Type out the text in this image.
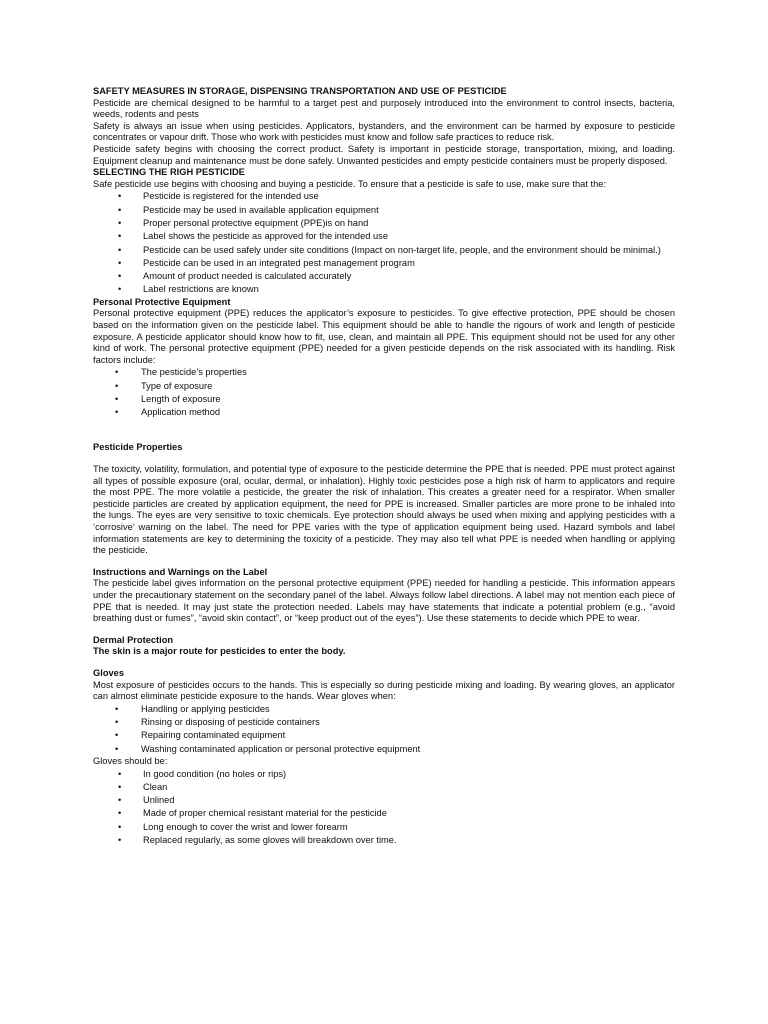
SAFETY MEASURES IN STORAGE, DISPENSING TRANSPORTATION AND USE OF PESTICIDE

Pesticide are chemical designed to be harmful to a target pest and purposely introduced into the environment to control insects, bacteria, weeds, rodents and pests

Safety is always an issue when using pesticides. Applicators, bystanders, and the environment can be harmed by exposure to pesticide concentrates or vapour drift. Those who work with pesticides must know and follow safe practices to reduce risk.

Pesticide safety begins with choosing the correct product. Safety is important in pesticide storage, transportation, mixing, and loading. Equipment cleanup and maintenance must be done safely. Unwanted pesticides and empty pesticide containers must be properly disposed.

SELECTING THE RIGH PESTICIDE

Safe pesticide use begins with choosing and buying a pesticide. To ensure that a pesticide is safe to use, make sure that the:

• Pesticide is registered for the intended use
• Pesticide may be used in available application equipment
• Proper personal protective equipment (PPE)is on hand
• Label shows the pesticide as approved for the intended use
• Pesticide can be used safely under site conditions (Impact on non-target life, people, and the environment should be minimal.)
• Pesticide can be used in an integrated pest management program
• Amount of product needed is calculated accurately
• Label restrictions are known
Personal Protective Equipment

Personal protective equipment (PPE) reduces the applicator’s exposure to pesticides. To give effective protection, PPE should be chosen based on the information given on the pesticide label. This equipment should be able to handle the rigours of work and length of pesticide exposure. A pesticide applicator should know how to fit, use, clean, and maintain all PPE. This equipment should not be used for any other kind of work. The personal protective equipment (PPE) needed for a given pesticide depends on the risk associated with its handling. Risk factors include:

• The pesticide’s properties
• Type of exposure
• Length of exposure
• Application method
Pesticide Properties

The toxicity, volatility, formulation, and potential type of exposure to the pesticide determine the PPE that is needed. PPE must protect against all types of possible exposure (oral, ocular, dermal, or inhalation). Highly toxic pesticides pose a high risk of harm to applicators and require the most PPE. The more volatile a pesticide, the greater the risk of inhalation. This creates a greater need for a respirator. When smaller pesticide particles are created by application equipment, the need for PPE is increased. Smaller particles are more prone to be inhaled into the lungs. The eyes are very sensitive to toxic chemicals. Eye protection should always be used when mixing and applying pesticides with a ‘corrosive’ warning on the label. The need for PPE varies with the type of application equipment being used. Hazard symbols and label information statements are key to determining the toxicity of a pesticide. They may also tell what PPE is needed when handling or applying the pesticide.

Instructions and Warnings on the Label

The pesticide label gives information on the personal protective equipment (PPE) needed for handling a pesticide. This information appears under the precautionary statement on the secondary panel of the label. Always follow label directions. A label may not mention each piece of PPE that is needed. It may just state the protection needed. Labels may have statements that indicate a potential problem (e.g., “avoid breathing dust or fumes”, “avoid skin contact”, or “keep product out of the eyes”). Use these statements to decide which PPE to wear.

Dermal Protection

The skin is a major route for pesticides to enter the body.

Gloves

Most exposure of pesticides occurs to the hands. This is especially so during pesticide mixing and loading. By wearing gloves, an applicator can almost eliminate pesticide exposure to the hands. Wear gloves when:

• Handling or applying pesticides
• Rinsing or disposing of pesticide containers
• Repairing contaminated equipment
• Washing contaminated application or personal protective equipment

Gloves should be:

• In good condition (no holes or rips)
• Clean
• Unlined
• Made of proper chemical resistant material for the pesticide
• Long enough to cover the wrist and lower forearm
• Replaced regularly, as some gloves will breakdown over time.
